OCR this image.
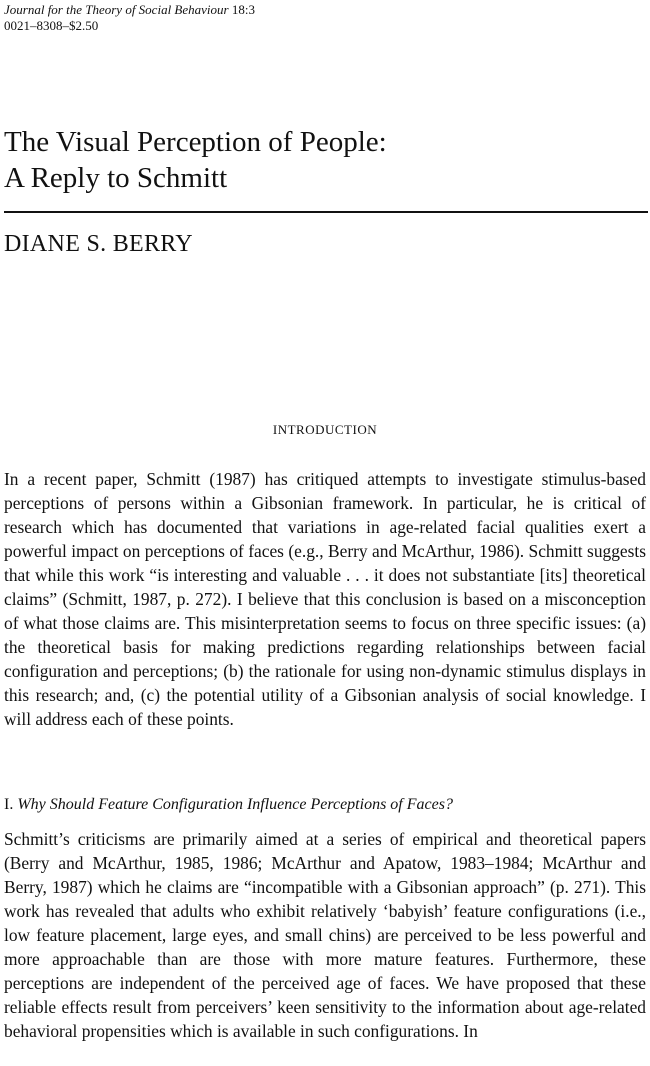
Journal for the Theory of Social Behaviour 18:3
0021–8308–$2.50
The Visual Perception of People:
A Reply to Schmitt
DIANE S. BERRY
INTRODUCTION

In a recent paper, Schmitt (1987) has critiqued attempts to investigate stimulus-based perceptions of persons within a Gibsonian framework. In particular, he is critical of research which has documented that variations in age-related facial qualities exert a powerful impact on perceptions of faces (e.g., Berry and McArthur, 1986). Schmitt suggests that while this work “is interesting and valuable . . . it does not substantiate [its] theoretical claims” (Schmitt, 1987, p. 272). I believe that this conclusion is based on a misconception of what those claims are. This misinterpretation seems to focus on three specific issues: (a) the theoretical basis for making predictions regarding relationships between facial configuration and perceptions; (b) the rationale for using non-dynamic stimulus displays in this research; and, (c) the potential utility of a Gibsonian analysis of social knowledge. I will address each of these points.

I. Why Should Feature Configuration Influence Perceptions of Faces?

Schmitt’s criticisms are primarily aimed at a series of empirical and theoretical papers (Berry and McArthur, 1985, 1986; McArthur and Apatow, 1983–1984; McArthur and Berry, 1987) which he claims are “incompatible with a Gibsonian approach” (p. 271). This work has revealed that adults who exhibit relatively ‘babyish’ feature configurations (i.e., low feature placement, large eyes, and small chins) are perceived to be less powerful and more approachable than are those with more mature features. Furthermore, these perceptions are independent of the perceived age of faces. We have proposed that these reliable effects result from perceivers’ keen sensitivity to the information about age-related behavioral propensities which is available in such configurations. In
